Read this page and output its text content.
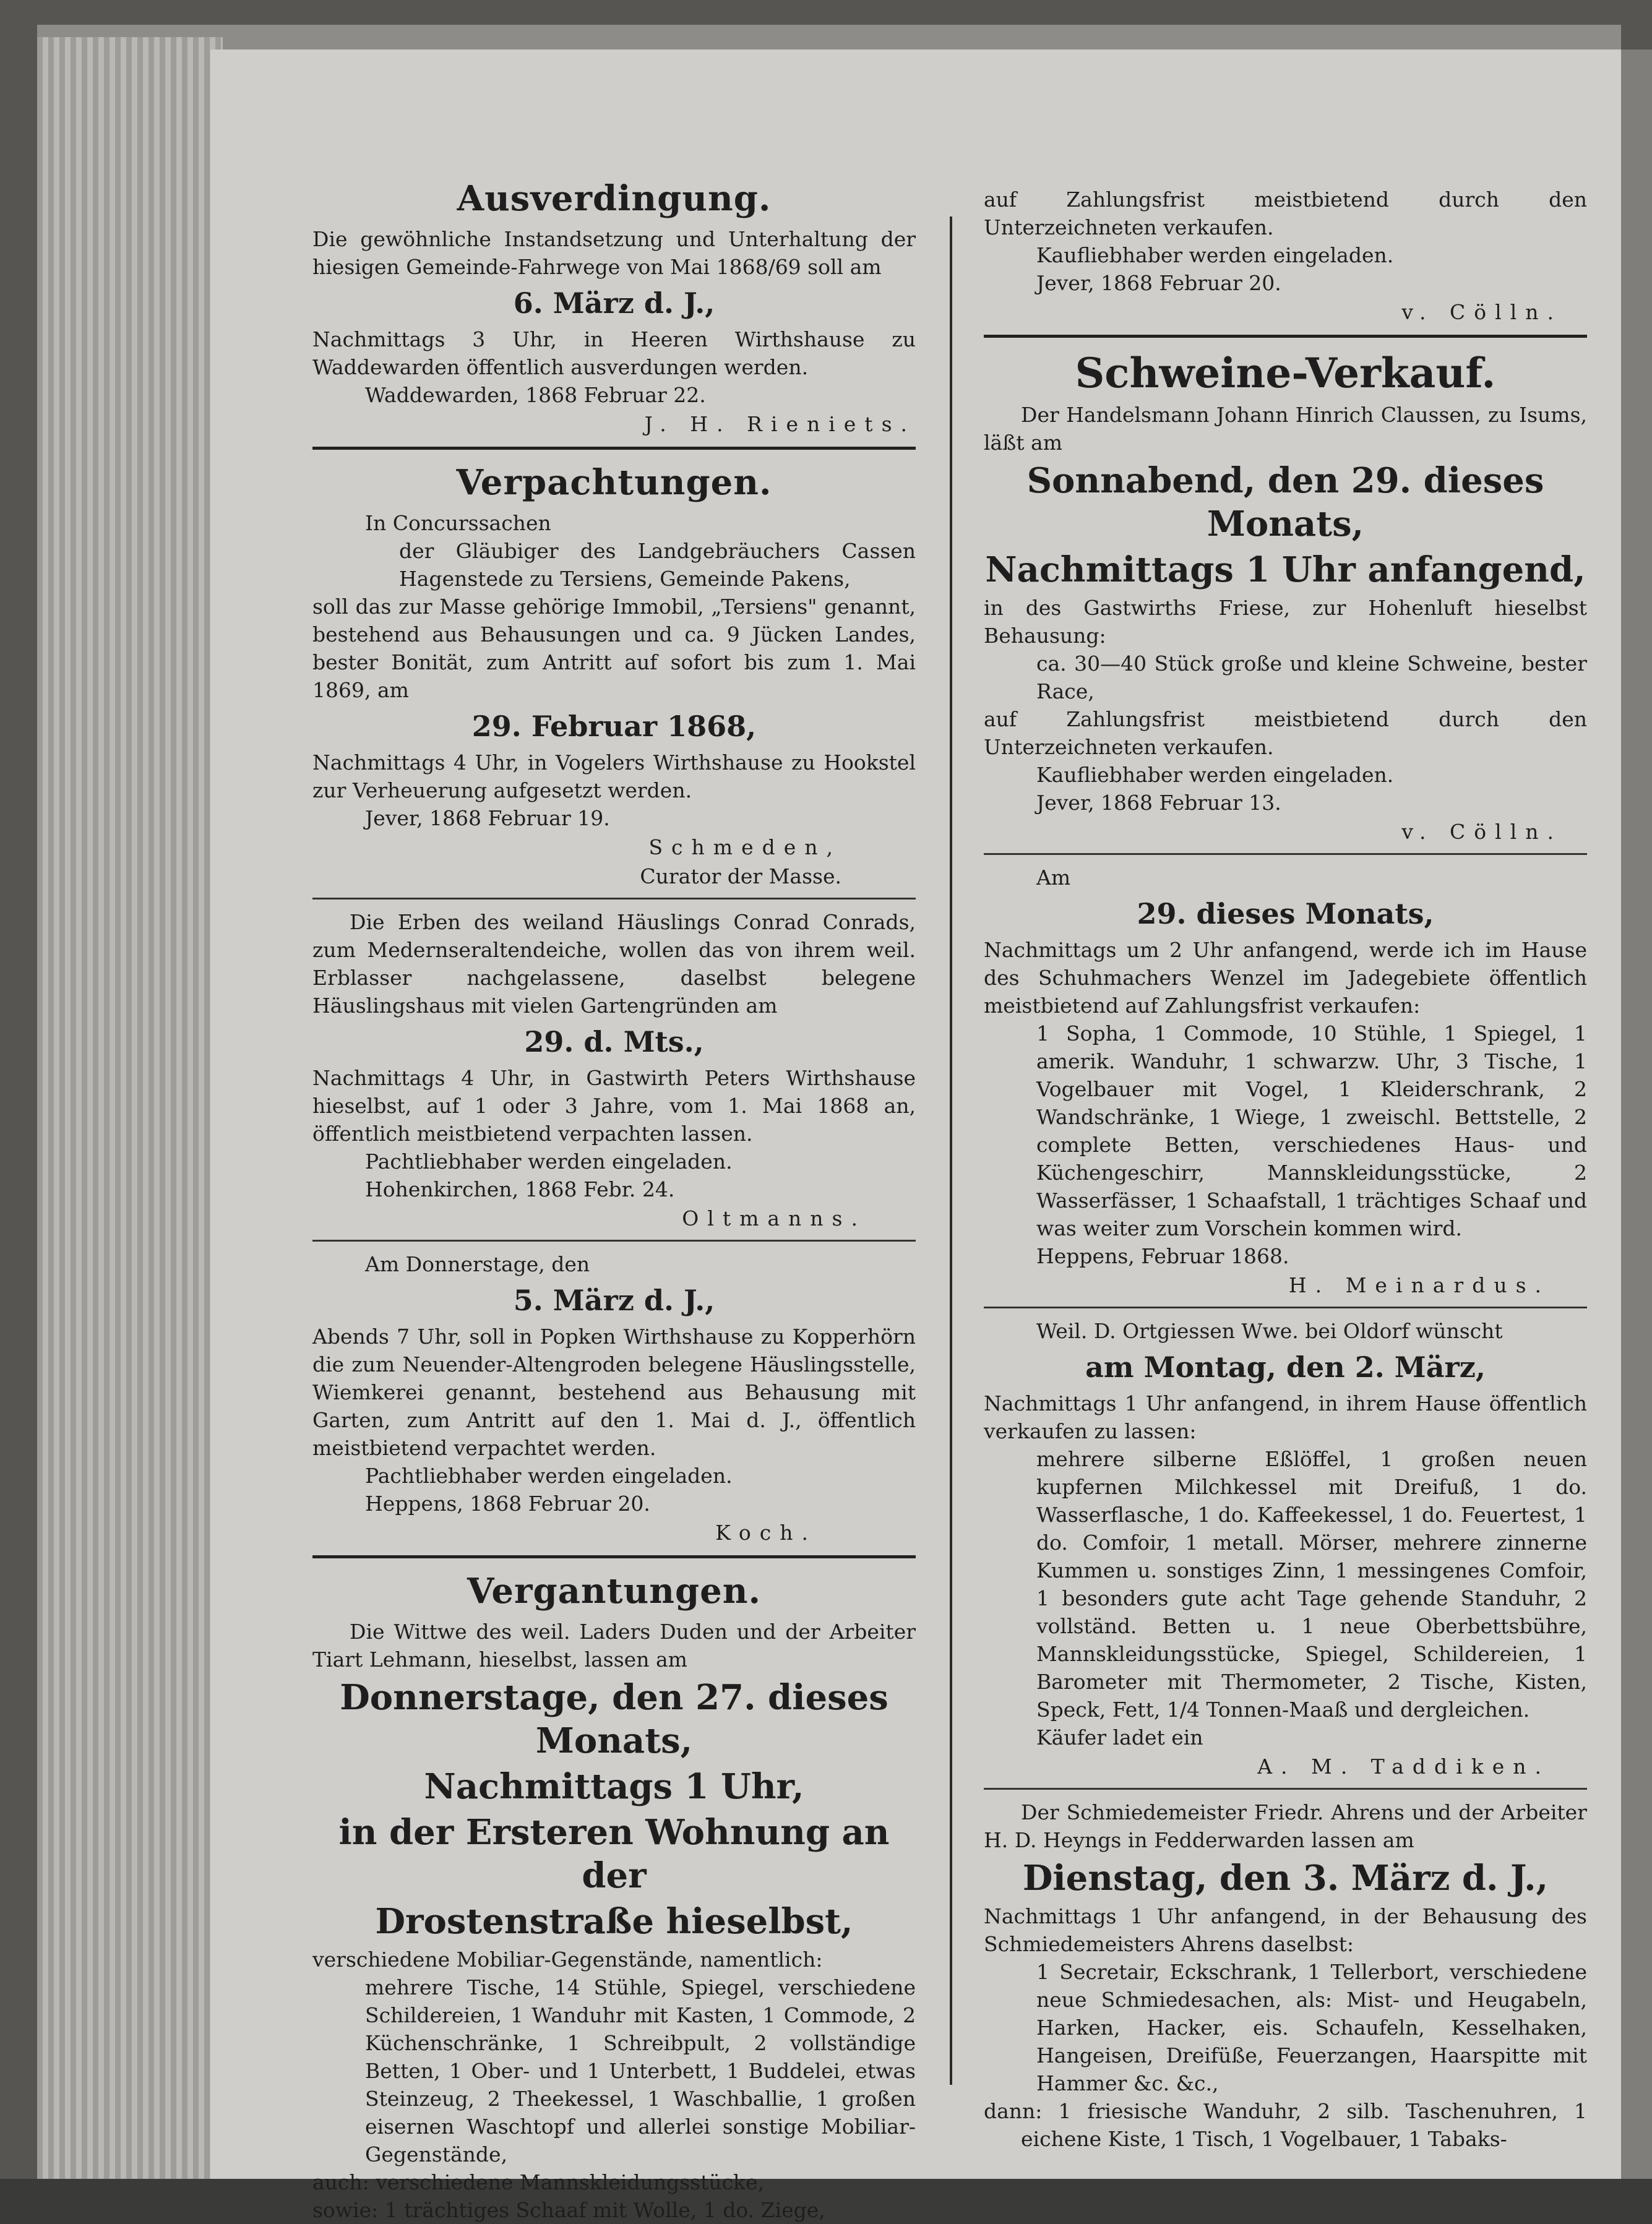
Ausverdingung.

Die gewöhnliche Instandsetzung und Unterhaltung der hiesigen Gemeinde-Fahrwege von Mai 1868/69 soll am

6. März d. J.,

Nachmittags 3 Uhr, in Heeren Wirthshause zu Waddewarden öffentlich ausverdungen werden.

Waddewarden, 1868 Februar 22.
J. H. Rieniets.
Verpachtungen.
In Concurssachen

der Gläubiger des Landgebräuchers Cassen Hagenstede zu Tersiens, Gemeinde Pakens,

soll das zur Masse gehörige Immobil, „Tersiens" genannt, bestehend aus Behausungen und ca. 9 Jücken Landes, bester Bonität, zum Antritt auf sofort bis zum 1. Mai 1869, am

29. Februar 1868,

Nachmittags 4 Uhr, in Vogelers Wirthshause zu Hookstel zur Verheuerung aufgesetzt werden.

Jever, 1868 Februar 19.
Schmeden,
Curator der Masse.

Die Erben des weiland Häuslings Conrad Conrads, zum Medernseraltendeiche, wollen das von ihrem weil. Erblasser nachgelassene, daselbst belegene Häuslingshaus mit vielen Gartengründen am

29. d. Mts.,

Nachmittags 4 Uhr, in Gastwirth Peters Wirthshause hieselbst, auf 1 oder 3 Jahre, vom 1. Mai 1868 an, öffentlich meistbietend verpachten lassen.

Pachtliebhaber werden eingeladen.
Hohenkirchen, 1868 Febr. 24.
Oltmanns.
Am Donnerstage, den
5. März d. J.,

Abends 7 Uhr, soll in Popken Wirthshause zu Kopperhörn die zum Neuender-Altengroden belegene Häuslingsstelle, Wiemkerei genannt, bestehend aus Behausung mit Garten, zum Antritt auf den 1. Mai d. J., öffentlich meistbietend verpachtet werden.

Pachtliebhaber werden eingeladen.
Heppens, 1868 Februar 20.
Koch.
Vergantungen.

Die Wittwe des weil. Laders Duden und der Arbeiter Tiart Lehmann, hieselbst, lassen am

Donnerstage, den 27. dieses Monats,
Nachmittags 1 Uhr,
in der Ersteren Wohnung an der
Drostenstraße hieselbst,

verschiedene Mobiliar-Gegenstände, namentlich:

mehrere Tische, 14 Stühle, Spiegel, verschiedene Schildereien, 1 Wanduhr mit Kasten, 1 Commode, 2 Küchenschränke, 1 Schreibpult, 2 vollständige Betten, 1 Ober- und 1 Unterbett, 1 Buddelei, etwas Steinzeug, 2 Theekessel, 1 Waschballie, 1 großen eisernen Waschtopf und allerlei sonstige Mobiliar-Gegenstände,

auch: verschiedene Mannskleidungsstücke,

sowie: 1 trächtiges Schaaf mit Wolle, 1 do. Ziege,

auf Zahlungsfrist meistbietend durch den Unterzeichneten verkaufen.

Kaufliebhaber werden eingeladen.
Jever, 1868 Februar 20.
v. Cölln.
Schweine-Verkauf.

Der Handelsmann Johann Hinrich Claussen, zu Isums, läßt am

Sonnabend, den 29. dieses Monats,
Nachmittags 1 Uhr anfangend,

in des Gastwirths Friese, zur Hohenluft hieselbst Behausung:

ca. 30—40 Stück große und kleine Schweine, bester Race,

auf Zahlungsfrist meistbietend durch den Unterzeichneten verkaufen.

Kaufliebhaber werden eingeladen.
Jever, 1868 Februar 13.
v. Cölln.
Am
29. dieses Monats,

Nachmittags um 2 Uhr anfangend, werde ich im Hause des Schuhmachers Wenzel im Jadegebiete öffentlich meistbietend auf Zahlungsfrist verkaufen:

1 Sopha, 1 Commode, 10 Stühle, 1 Spiegel, 1 amerik. Wanduhr, 1 schwarzw. Uhr, 3 Tische, 1 Vogelbauer mit Vogel, 1 Kleiderschrank, 2 Wandschränke, 1 Wiege, 1 zweischl. Bettstelle, 2 complete Betten, verschiedenes Haus- und Küchengeschirr, Mannskleidungsstücke, 2 Wasserfässer, 1 Schaafstall, 1 trächtiges Schaaf und was weiter zum Vorschein kommen wird.

Heppens, Februar 1868.
H. Meinardus.
Weil. D. Ortgiessen Wwe. bei Oldorf wünscht
am Montag, den 2. März,

Nachmittags 1 Uhr anfangend, in ihrem Hause öffentlich verkaufen zu lassen:

mehrere silberne Eßlöffel, 1 großen neuen kupfernen Milchkessel mit Dreifuß, 1 do. Wasserflasche, 1 do. Kaffeekessel, 1 do. Feuertest, 1 do. Comfoir, 1 metall. Mörser, mehrere zinnerne Kummen u. sonstiges Zinn, 1 messingenes Comfoir, 1 besonders gute acht Tage gehende Standuhr, 2 vollständ. Betten u. 1 neue Oberbettsbühre, Mannskleidungsstücke, Spiegel, Schildereien, 1 Barometer mit Thermometer, 2 Tische, Kisten, Speck, Fett, 1/4 Tonnen-Maaß und dergleichen.

Käufer ladet ein
A. M. Taddiken.

Der Schmiedemeister Friedr. Ahrens und der Arbeiter H. D. Heyngs in Fedderwarden lassen am

Dienstag, den 3. März d. J.,

Nachmittags 1 Uhr anfangend, in der Behausung des Schmiedemeisters Ahrens daselbst:

1 Secretair, Eckschrank, 1 Tellerbort, verschiedene neue Schmiedesachen, als: Mist- und Heugabeln, Harken, Hacker, eis. Schaufeln, Kesselhaken, Hangeisen, Dreifüße, Feuerzangen, Haarspitte mit Hammer &c. &c.,

dann: 1 friesische Wanduhr, 2 silb. Taschenuhren, 1 eichene Kiste, 1 Tisch, 1 Vogelbauer, 1 Tabaks-
